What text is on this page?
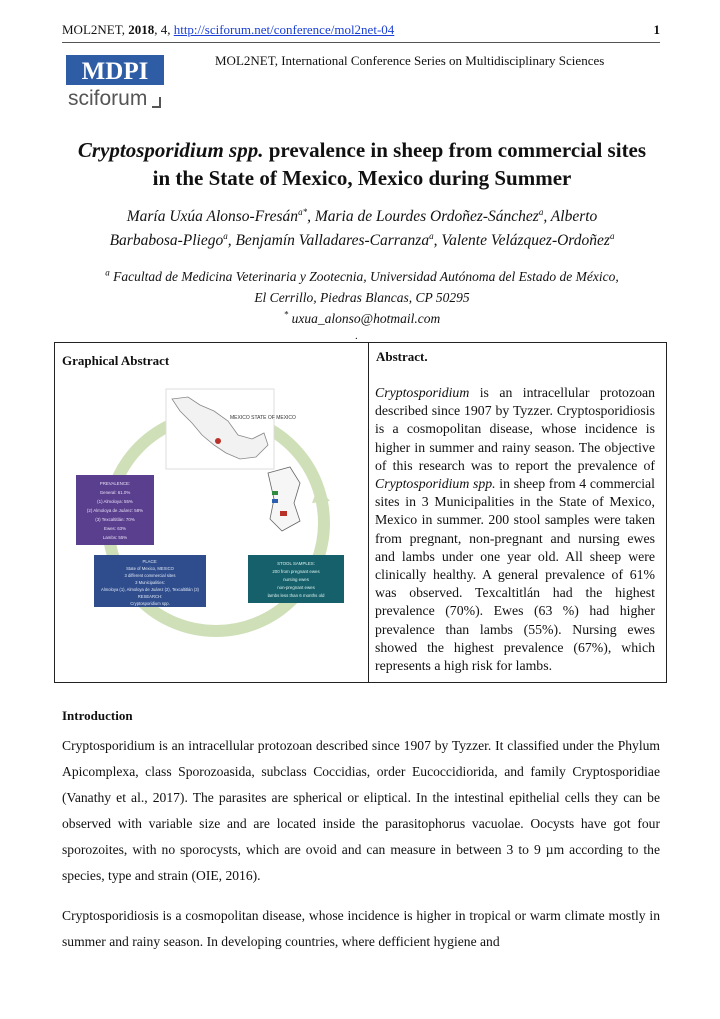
MOL2NET, 2018, 4, http://sciforum.net/conference/mol2net-04	1
MDPI
sciforum
MOL2NET, International Conference Series on Multidisciplinary Sciences
Cryptosporidium spp. prevalence in sheep from commercial sites
in the State of Mexico, Mexico during Summer
María Uxúa Alonso-Fresán$^{a*}$, Maria de Lourdes Ordoñez-Sánchez$^a$, Alberto
Barbabosa-Pliego$^a$, Benjamín Valladares-Carranza$^a$, Valente Velázquez-Ordoñez$^a$
$^a$ Facultad de Medicina Veterinaria y Zootecnia, Universidad Autónoma del Estado de México,
El Cerrillo, Piedras Blancas, CP 50295
* uxua_alonso@hotmail.com
.
Graphical Abstract
MEXICO STATE OF MEXICO
PREVALENCE:
General: 61.0%
(1) Almoloya: 55%
(2) Almoloya de Juárez: 58%
(3) Texcaltitlán: 70%
Ewes: 63%
Lambs: 55%
PLACE:
State of Mexico, MEXICO
3 different commercial sites
3 Municipalities:
Almoloya (1), Almoloya de Juárez (2), Texcaltitlán (3)
RESEARCH:
Cryptosporidium spp.
STOOL SAMPLES:
200 from pregnant ewes
nursing ewes
non-pregnant ewes
lambs less than 6 months old
Abstract.
Cryptosporidium is an intracellular protozoan described since 1907 by Tyzzer. Cryptosporidiosis is a cosmopolitan disease, whose incidence is higher in summer and rainy season. The objective of this research was to report the prevalence of Cryptosporidium spp. in sheep from 4 commercial sites in 3 Municipalities in the State of Mexico, Mexico in summer. 200 stool samples were taken from pregnant, non-pregnant and nursing ewes and lambs under one year old. All sheep were clinically healthy. A general prevalence of 61% was observed. Texcaltitlán had the highest prevalence (70%). Ewes (63 %) had higher prevalence than lambs (55%). Nursing ewes showed the highest prevalence (67%), which represents a high risk for lambs.
Introduction
Cryptosporidium is an intracellular protozoan described since 1907 by Tyzzer. It classified under the Phylum Apicomplexa, class Sporozoasida, subclass Coccidias, order Eucoccidiorida, and family Cryptosporidiae (Vanathy et al., 2017). The parasites are spherical or eliptical. In the intestinal epithelial cells they can be observed with variable size and are located inside the parasitophorus vacuolae. Oocysts have got four sporozoites, with no sporocysts, which are ovoid and can measure in between 3 to 9 µm according to the species, type and strain (OIE, 2016).
Cryptosporidiosis is a cosmopolitan disease, whose incidence is higher in tropical or warm climate mostly in summer and rainy season. In developing countries, where defficient hygiene and
